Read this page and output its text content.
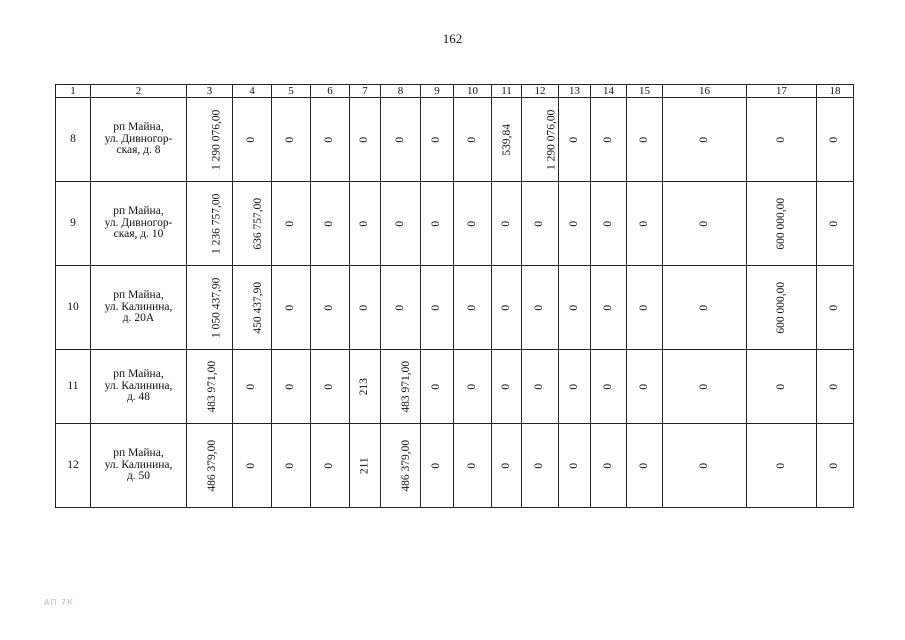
162
1	2	3	4	5	6	7	8	9	10	11	12	13	14	15	16	17	18
8	рп Майна,
ул. Дивногор-
ская, д. 8	1 290 076,00	0	0	0	0	0	0	0	539,84	1 290 076,00	0	0	0	0	0	0
9	рп Майна,
ул. Дивногор-
ская, д. 10	1 236 757,00	636 757,00	0	0	0	0	0	0	0	0	0	0	0	0	600 000,00	0
10	рп Майна,
ул. Калинина,
д. 20А	1 050 437,90	450 437,90	0	0	0	0	0	0	0	0	0	0	0	0	600 000,00	0
11	рп Майна,
ул. Калинина,
д. 48	483 971,00	0	0	0	213	483 971,00	0	0	0	0	0	0	0	0	0	0
12	рп Майна,
ул. Калинина,
д. 50	486 379,00	0	0	0	211	486 379,00	0	0	0	0	0	0	0	0	0	0
АП 7К
